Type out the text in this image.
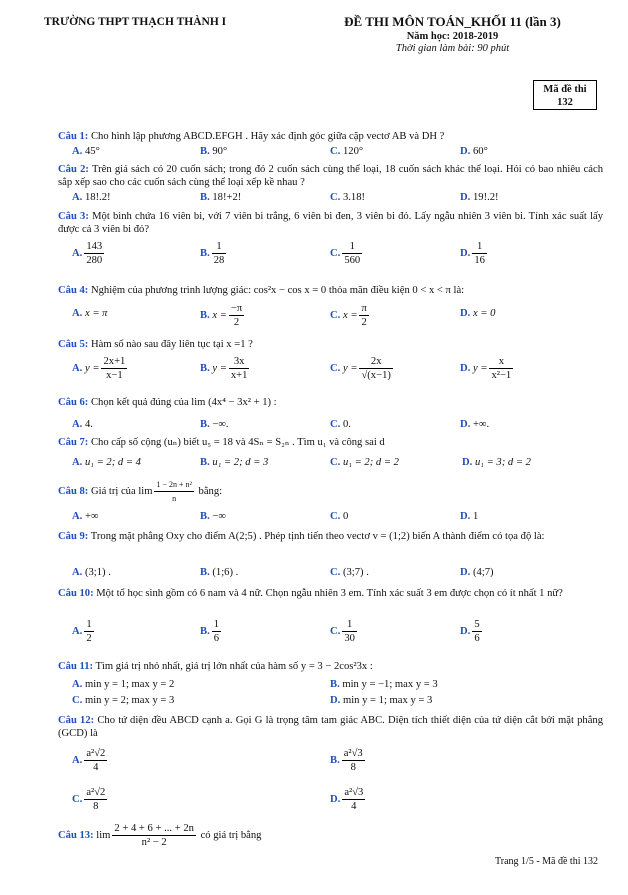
TRƯỜNG THPT THẠCH THÀNH I	ĐỀ THI MÔN TOÁN_KHỐI 11 (lần 3)
Năm học: 2018-2019
Thời gian làm bài: 90 phút
Mã đề thi
132
Câu 1: Cho hình lập phương ABCD.EFGH . Hãy xác định góc giữa cặp vectơ AB và DH ?
A. 45°	B. 90°	C. 120°	D. 60°
Câu 2: Trên giá sách có 20 cuốn sách; trong đó 2 cuốn sách cùng thể loại, 18 cuốn sách khác thể loại. Hỏi có bao nhiêu cách sắp xếp sao cho các cuốn sách cùng thể loại xếp kề nhau ?
A. 18!.2!	B. 18!+2!	C. 3.18!	D. 19!.2!
Câu 3: Một bình chứa 16 viên bi, với 7 viên bi trắng, 6 viên bi đen, 3 viên bi đỏ. Lấy ngẫu nhiên 3 viên bi. Tính xác suất lấy được cả 3 viên bi đỏ?
A. $\frac{143}{280}$	B. $\frac{1}{28}$	C. $\frac{1}{560}$	D. $\frac{1}{16}$
Câu 4: Nghiệm của phương trình lượng giác: cos²x − cos x = 0 thỏa mãn điều kiện 0 < x < π là:
A. x = π	B. $x = \frac{-\pi}{2}$	C. $x = \frac{\pi}{2}$	D. x = 0
Câu 5: Hàm số nào sau đây liên tục tại x =1 ?
A. $y = \frac{2x+1}{x-1}$	B. $y = \frac{3x}{x+1}$	C. $y = \frac{2x}{√(x-1)}$	D. $y = \frac{x}{\text{x²−1}}$
Câu 6: Chọn kết quả đúng của lim (4x⁴ − 3x² + 1) :
A. 4.	B. −∞.	C. 0.	D. +∞.
Câu 7: Cho cấp số cộng (uₙ) biết u₅ = 18 và 4Sₙ = S₂ₙ . Tìm u₁ và công sai d
A. u₁ = 2; d = 4	B. u₁ = 2; d = 3	C. u₁ = 2; d = 2	D. u₁ = 3; d = 2
Câu 8: Giá trị của $\lim \frac{\text{1 − 2n + n²}}{n}$ bằng:
A. +∞	B. −∞	C. 0	D. 1
Câu 9: Trong mặt phẳng Oxy cho điểm A(2;5) . Phép tịnh tiến theo vectơ v = (1;2) biến A thành điểm có tọa độ là:
A. (3;1) .	B. (1;6) .	C. (3;7) .	D. (4;7)
Câu 10: Một tổ học sinh gồm có 6 nam và 4 nữ. Chọn ngẫu nhiên 3 em. Tính xác suất 3 em được chọn có ít nhất 1 nữ?
A. $\frac{1}{2}$	B. $\frac{1}{6}$	C. $\frac{1}{30}$	D. $\frac{5}{6}$
Câu 11: Tìm giá trị nhỏ nhất, giá trị lớn nhất của hàm số y = 3 − 2cos²3x :
A. min y = 1; max y = 2	B. min y = −1; max y = 3
C. min y = 2; max y = 3	D. min y = 1; max y = 3
Câu 12: Cho tứ diện đều ABCD cạnh a. Gọi G là trọng tâm tam giác ABC. Diện tích thiết diện của tứ diện cắt bởi mặt phẳng (GCD) là
A. $\frac{\text{a²√2}}{4}$	B. $\frac{\text{a²√3}}{8}$
C. $\frac{\text{a²√2}}{8}$	D. $\frac{\text{a²√3}}{4}$
Câu 13: $\lim \frac{2 + 4 + 6 + ... + 2n}{\text{n² − 2}}$ có giá trị bằng
Trang 1/5 - Mã đề thi 132
